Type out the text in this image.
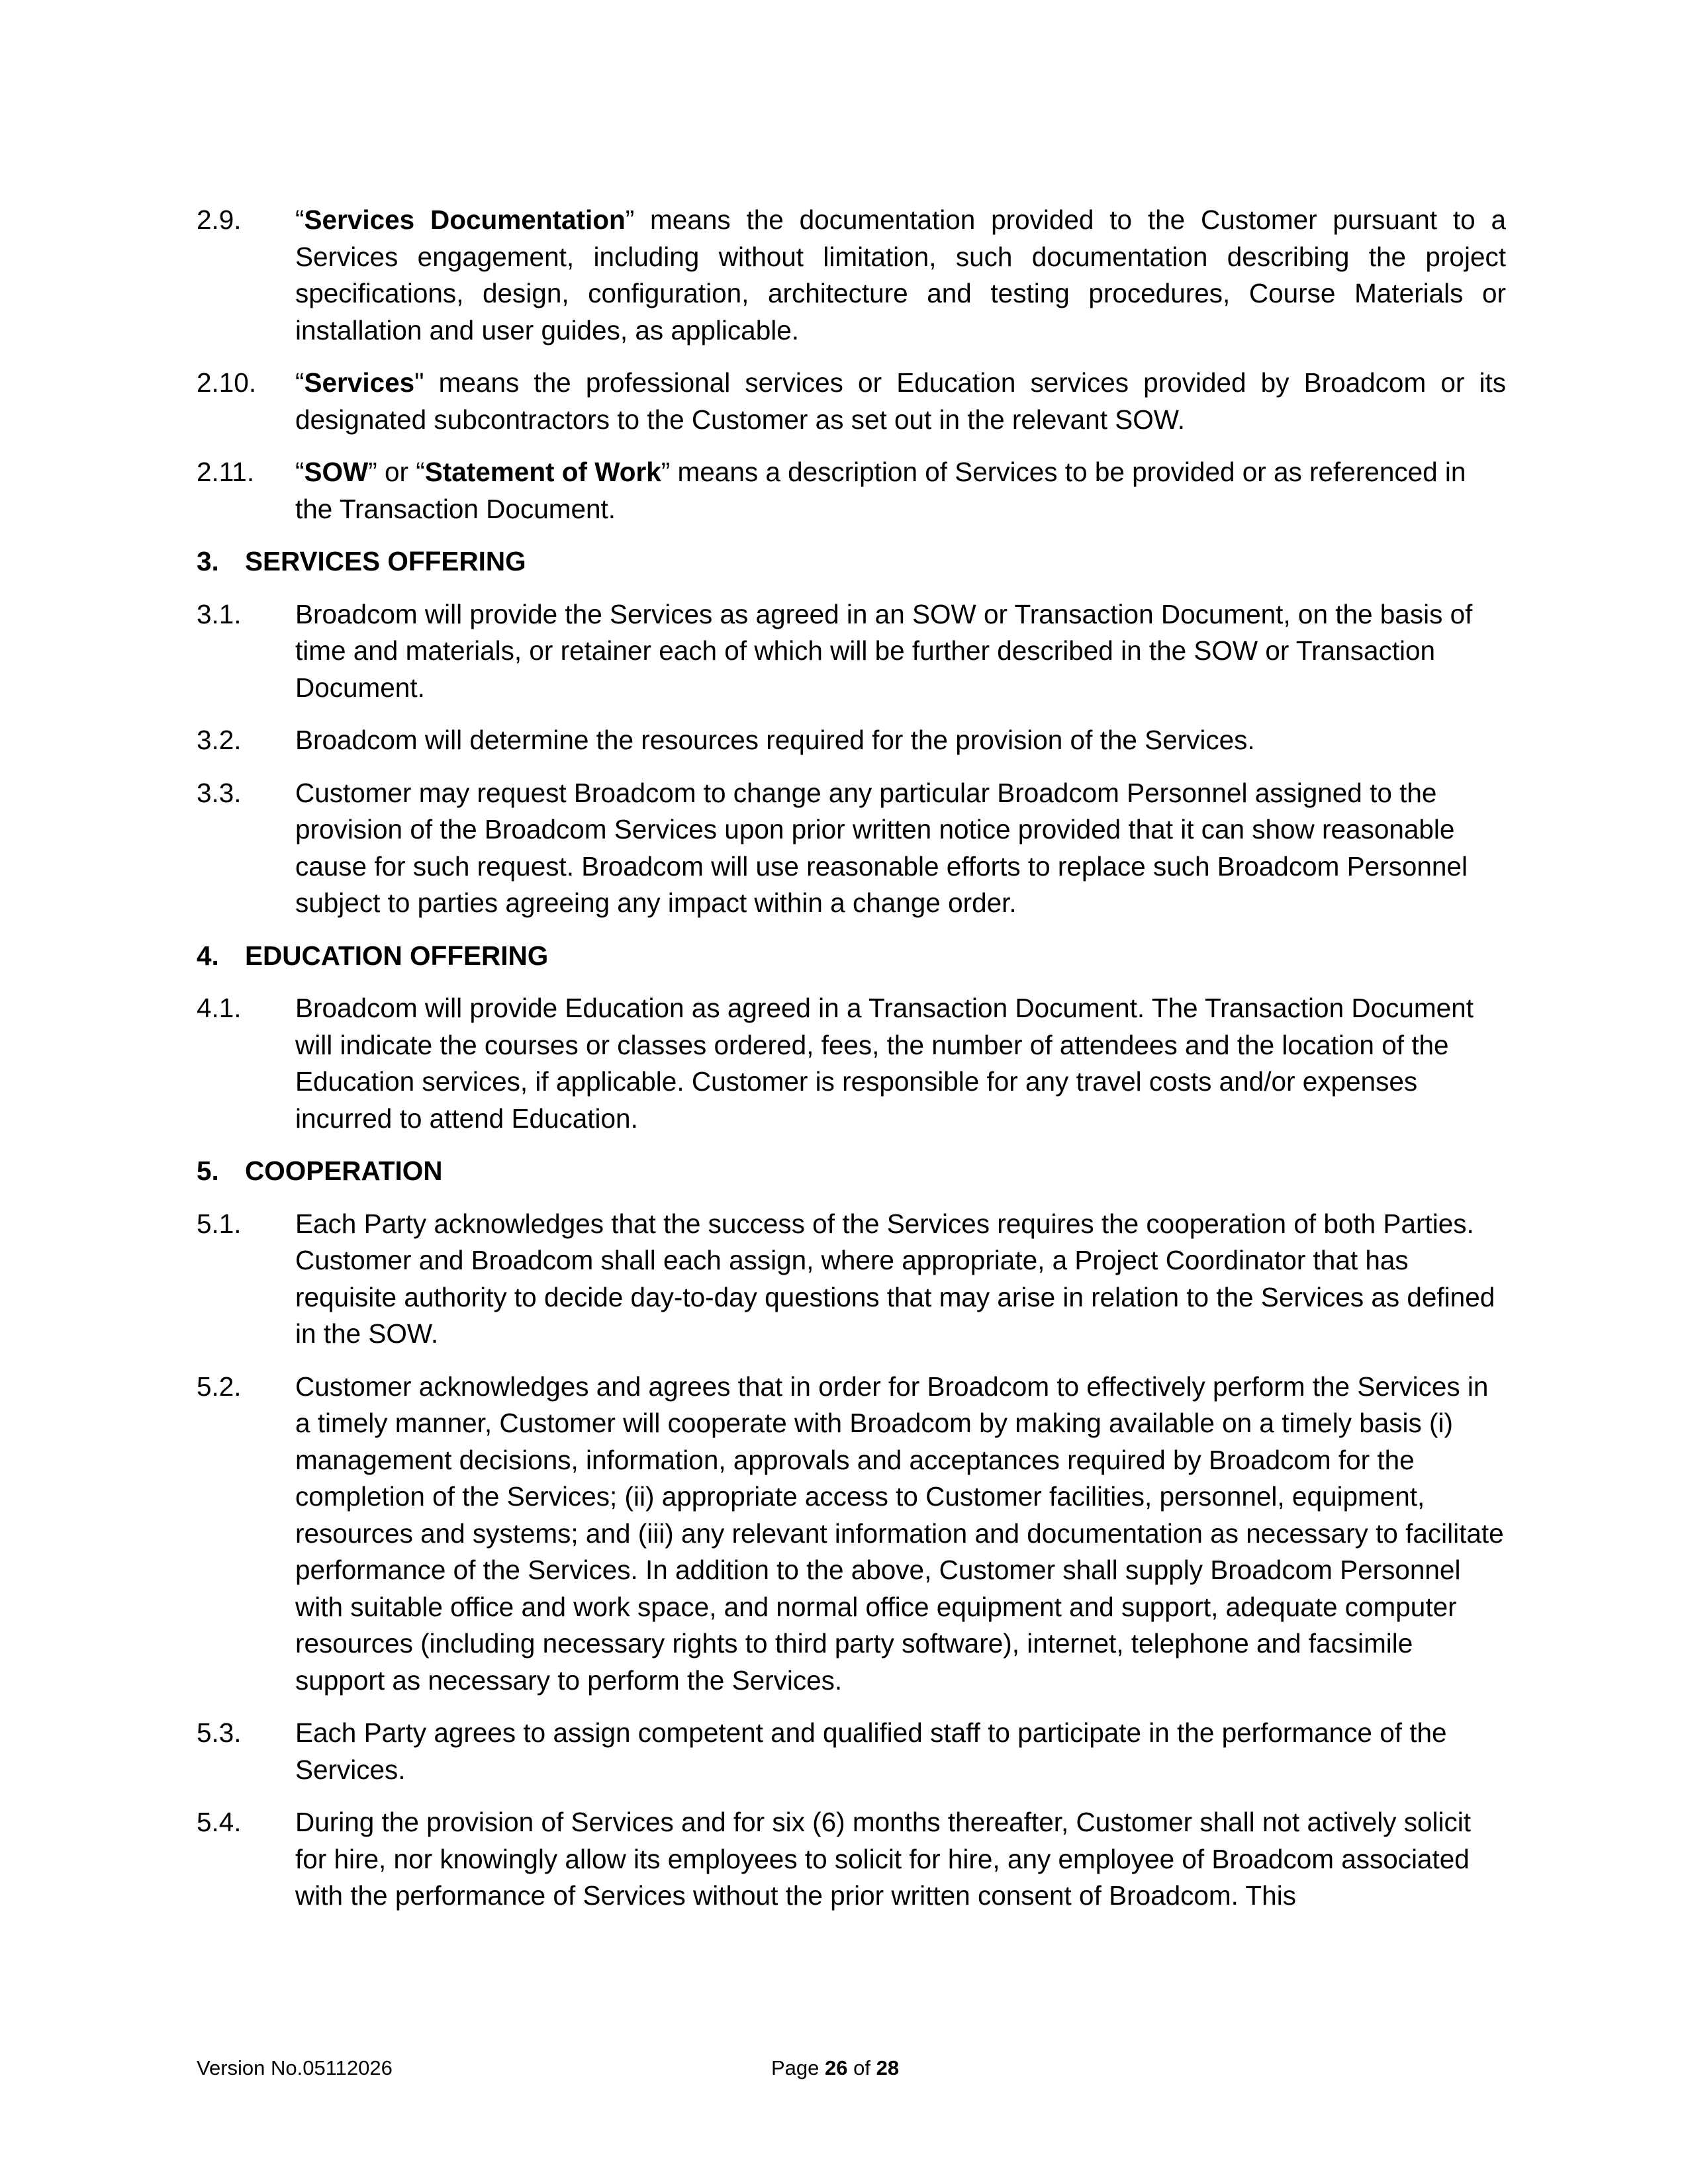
2.9. “Services Documentation” means the documentation provided to the Customer pursuant to a Services engagement, including without limitation, such documentation describing the project specifications, design, configuration, architecture and testing procedures, Course Materials or installation and user guides, as applicable.
2.10. “Services" means the professional services or Education services provided by Broadcom or its designated subcontractors to the Customer as set out in the relevant SOW.
2.11. “SOW” or “Statement of Work” means a description of Services to be provided or as referenced in the Transaction Document.
3. SERVICES OFFERING
3.1. Broadcom will provide the Services as agreed in an SOW or Transaction Document, on the basis of time and materials, or retainer each of which will be further described in the SOW or Transaction Document.
3.2. Broadcom will determine the resources required for the provision of the Services.
3.3. Customer may request Broadcom to change any particular Broadcom Personnel assigned to the provision of the Broadcom Services upon prior written notice provided that it can show reasonable cause for such request. Broadcom will use reasonable efforts to replace such Broadcom Personnel subject to parties agreeing any impact within a change order.
4. EDUCATION OFFERING
4.1. Broadcom will provide Education as agreed in a Transaction Document. The Transaction Document will indicate the courses or classes ordered, fees, the number of attendees and the location of the Education services, if applicable. Customer is responsible for any travel costs and/or expenses incurred to attend Education.
5. COOPERATION
5.1. Each Party acknowledges that the success of the Services requires the cooperation of both Parties. Customer and Broadcom shall each assign, where appropriate, a Project Coordinator that has requisite authority to decide day-to-day questions that may arise in relation to the Services as defined in the SOW.
5.2. Customer acknowledges and agrees that in order for Broadcom to effectively perform the Services in a timely manner, Customer will cooperate with Broadcom by making available on a timely basis (i) management decisions, information, approvals and acceptances required by Broadcom for the completion of the Services; (ii) appropriate access to Customer facilities, personnel, equipment, resources and systems; and (iii) any relevant information and documentation as necessary to facilitate performance of the Services. In addition to the above, Customer shall supply Broadcom Personnel with suitable office and work space, and normal office equipment and support, adequate computer resources (including necessary rights to third party software), internet, telephone and facsimile support as necessary to perform the Services.
5.3. Each Party agrees to assign competent and qualified staff to participate in the performance of the Services.
5.4. During the provision of Services and for six (6) months thereafter, Customer shall not actively solicit for hire, nor knowingly allow its employees to solicit for hire, any employee of Broadcom associated with the performance of Services without the prior written consent of Broadcom. This
Version No.05112026	Page 26 of 28
